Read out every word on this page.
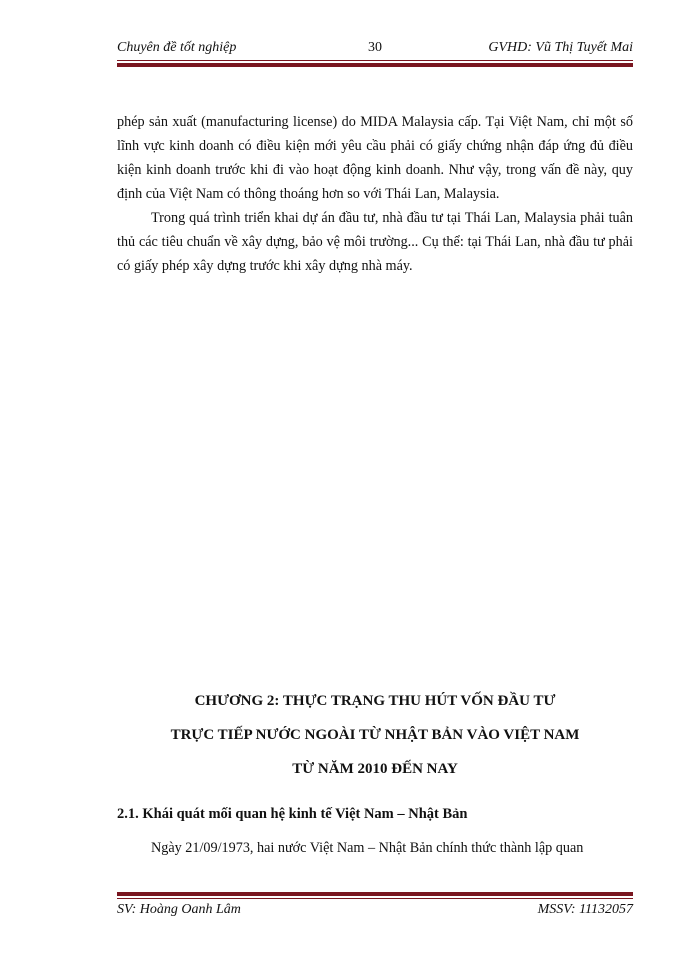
Chuyên đề tốt nghiệp	30	GVHD: Vũ Thị Tuyết Mai
phép sản xuất (manufacturing license) do MIDA Malaysia cấp. Tại Việt Nam, chỉ một số lĩnh vực kinh doanh có điều kiện mới yêu cầu phải có giấy chứng nhận đáp ứng đủ điều kiện kinh doanh trước khi đi vào hoạt động kinh doanh. Như vậy, trong vấn đề này, quy định của Việt Nam có thông thoáng hơn so với Thái Lan, Malaysia.
Trong quá trình triển khai dự án đầu tư, nhà đầu tư tại Thái Lan, Malaysia phải tuân thủ các tiêu chuẩn về xây dựng, bảo vệ môi trường... Cụ thể: tại Thái Lan, nhà đầu tư phải có giấy phép xây dựng trước khi xây dựng nhà máy.
CHƯƠNG 2: THỰC TRẠNG THU HÚT VỐN ĐẦU TƯ
TRỰC TIẾP NƯỚC NGOÀI TỪ NHẬT BẢN VÀO VIỆT NAM
TỪ NĂM 2010 ĐẾN NAY
2.1. Khái quát mối quan hệ kinh tế Việt Nam – Nhật Bản
Ngày 21/09/1973, hai nước Việt Nam – Nhật Bản chính thức thành lập quan
SV: Hoàng Oanh Lâm	MSSV: 11132057
